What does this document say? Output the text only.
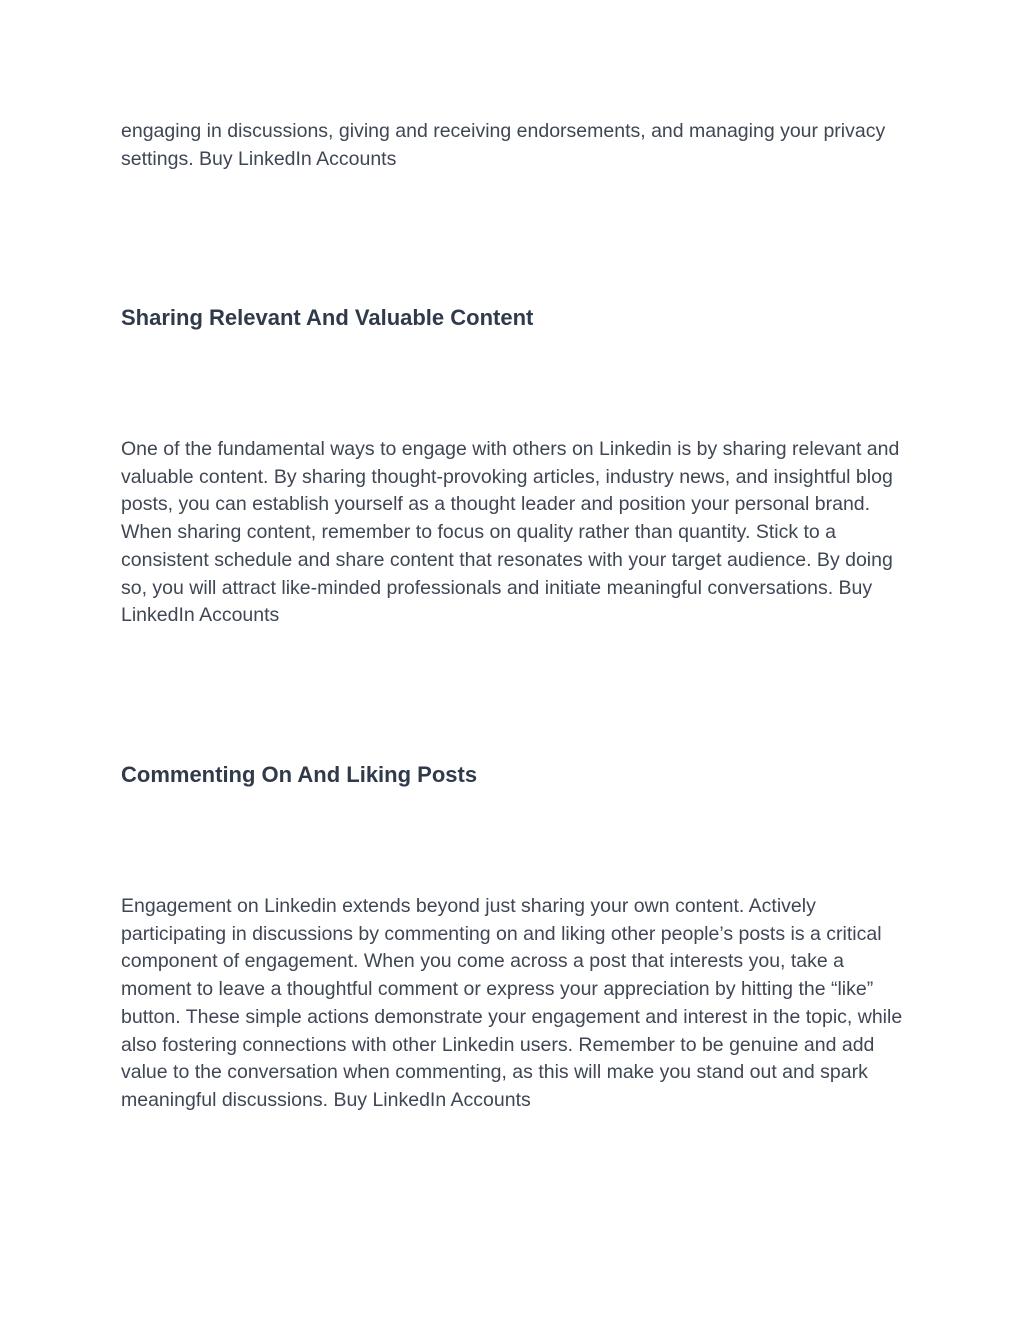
engaging in discussions, giving and receiving endorsements, and managing your privacy settings. Buy LinkedIn Accounts

Sharing Relevant And Valuable Content

One of the fundamental ways to engage with others on Linkedin is by sharing relevant and valuable content. By sharing thought-provoking articles, industry news, and insightful blog posts, you can establish yourself as a thought leader and position your personal brand. When sharing content, remember to focus on quality rather than quantity. Stick to a consistent schedule and share content that resonates with your target audience. By doing so, you will attract like-minded professionals and initiate meaningful conversations. Buy LinkedIn Accounts

Commenting On And Liking Posts

Engagement on Linkedin extends beyond just sharing your own content. Actively participating in discussions by commenting on and liking other people’s posts is a critical component of engagement. When you come across a post that interests you, take a moment to leave a thoughtful comment or express your appreciation by hitting the “like” button. These simple actions demonstrate your engagement and interest in the topic, while also fostering connections with other Linkedin users. Remember to be genuine and add value to the conversation when commenting, as this will make you stand out and spark meaningful discussions. Buy LinkedIn Accounts
